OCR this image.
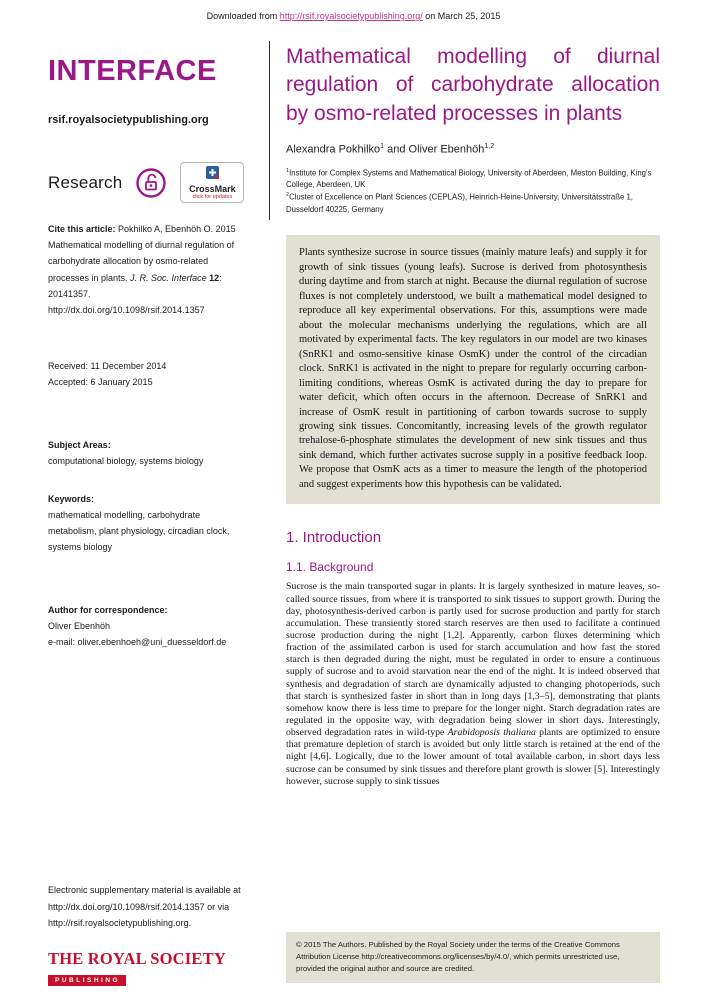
Downloaded from http://rsif.royalsocietypublishing.org/ on March 25, 2015
INTERFACE
rsif.royalsocietypublishing.org
Research	CrossMark
click for updates
Cite this article: Pokhilko A, Ebenhöh O. 2015 Mathematical modelling of diurnal regulation of carbohydrate allocation by osmo-related processes in plants. J. R. Soc. Interface 12: 20141357.
http://dx.doi.org/10.1098/rsif.2014.1357
Received: 11 December 2014
Accepted: 6 January 2015
Subject Areas:
computational biology, systems biology
Keywords:
mathematical modelling, carbohydrate metabolism, plant physiology, circadian clock, systems biology
Author for correspondence:
Oliver Ebenhöh
e-mail: oliver.ebenhoeh@uni_duesseldorf.de
Electronic supplementary material is available at http://dx.doi.org/10.1098/rsif.2014.1357 or via http://rsif.royalsocietypublishing.org.
THE ROYAL SOCIETY
PUBLISHING
Mathematical modelling of diurnal
regulation of carbohydrate allocation
by osmo-related processes in plants
Alexandra Pokhilko$^1$ and Oliver Ebenhöh$^{1,2}$
$^1$Institute for Complex Systems and Mathematical Biology, University of Aberdeen, Meston Building, King's College, Aberdeen, UK
$^2$Cluster of Excellence on Plant Sciences (CEPLAS), Heinrich-Heine-University, Universitätsstraße 1, Dusseldorf 40225, Germany
Plants synthesize sucrose in source tissues (mainly mature leafs) and supply it for growth of sink tissues (young leafs). Sucrose is derived from photosynthesis during daytime and from starch at night. Because the diurnal regulation of sucrose fluxes is not completely understood, we built a mathematical model designed to reproduce all key experimental observations. For this, assumptions were made about the molecular mechanisms underlying the regulations, which are all motivated by experimental facts. The key regulators in our model are two kinases (SnRK1 and osmo-sensitive kinase OsmK) under the control of the circadian clock. SnRK1 is activated in the night to prepare for regularly occurring carbon-limiting conditions, whereas OsmK is activated during the day to prepare for water deficit, which often occurs in the afternoon. Decrease of SnRK1 and increase of OsmK result in partitioning of carbon towards sucrose to supply growing sink tissues. Concomitantly, increasing levels of the growth regulator trehalose-6-phosphate stimulates the development of new sink tissues and thus sink demand, which further activates sucrose supply in a positive feedback loop. We propose that OsmK acts as a timer to measure the length of the photoperiod and suggest experiments how this hypothesis can be validated.
1. Introduction
1.1. Background

Sucrose is the main transported sugar in plants. It is largely synthesized in mature leaves, so-called source tissues, from where it is transported to sink tissues to support growth. During the day, photosynthesis-derived carbon is partly used for sucrose production and partly for starch accumulation. These transiently stored starch reserves are then used to facilitate a continued sucrose production during the night [1,2]. Apparently, carbon fluxes determining which fraction of the assimilated carbon is used for starch accumulation and how fast the stored starch is then degraded during the night, must be regulated in order to ensure a continuous supply of sucrose and to avoid starvation near the end of the night. It is indeed observed that synthesis and degradation of starch are dynamically adjusted to changing photoperiods, such that starch is synthesized faster in short than in long days [1,3–5], demonstrating that plants somehow know there is less time to prepare for the longer night. Starch degradation rates are regulated in the opposite way, with degradation being slower in short days. Interestingly, observed degradation rates in wild-type Arabidoposis thaliana plants are optimized to ensure that premature depletion of starch is avoided but only little starch is retained at the end of the night [4,6]. Logically, due to the lower amount of total available carbon, in short days less sucrose can be consumed by sink tissues and therefore plant growth is slower [5]. Interestingly however, sucrose supply to sink tissues

© 2015 The Authors. Published by the Royal Society under the terms of the Creative Commons Attribution License http://creativecommons.org/licenses/by/4.0/, which permits unrestricted use, provided the original author and source are credited.
